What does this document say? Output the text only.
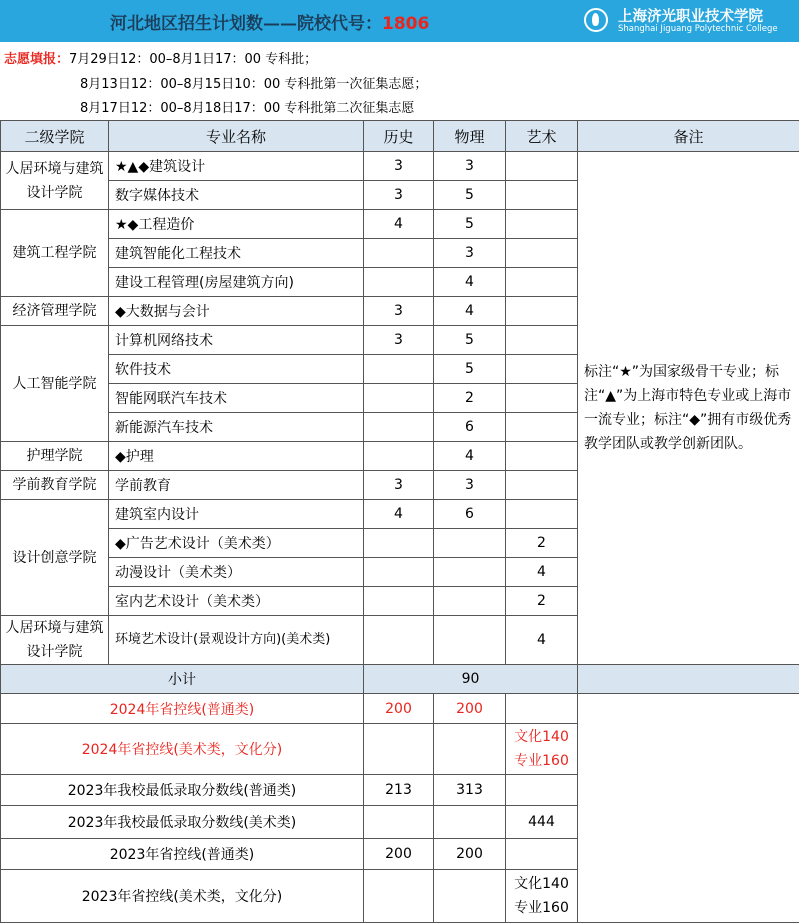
河北地区招生计划数——院校代号：1806	上海济光职业技术学院
Shanghai Jiguang Polytechnic College
志愿填报：7月29日12：00–8月1日17：00 专科批；
8月13日12：00–8月15日10：00 专科批第一次征集志愿；
8月17日12：00–8月18日17：00 专科批第二次征集志愿
二级学院	专业名称	历史	物理	艺术	备注
人居环境与建筑设计学院	★▲◆建筑设计	3	3		标注“★”为国家级骨干专业；标注“▲”为上海市特色专业或上海市一流专业；标注“◆”拥有市级优秀教学团队或教学创新团队。
	数字媒体技术	3	5		
建筑工程学院	★◆工程造价	4	5		
	建筑智能化工程技术		3		
	建设工程管理(房屋建筑方向)		4		
经济管理学院	◆大数据与会计	3	4		
人工智能学院	计算机网络技术	3	5		
	软件技术		5		
	智能网联汽车技术		2		
	新能源汽车技术		6		
护理学院	◆护理		4		
学前教育学院	学前教育	3	3		
设计创意学院	建筑室内设计	4	6		
	◆广告艺术设计（美术类）			2	
	动漫设计（美术类）			4	
	室内艺术设计（美术类）			2	
人居环境与建筑设计学院	环境艺术设计(景观设计方向)(美术类)			4	
小计		90			
2024年省控线(普通类)		200	200		
2024年省控线(美术类，文化分)				文化140 专业160	
2023年我校最低录取分数线(普通类)		213	313		
2023年我校最低录取分数线(美术类)				444	
2023年省控线(普通类)		200	200		
2023年省控线(美术类，文化分)				文化140 专业160	
